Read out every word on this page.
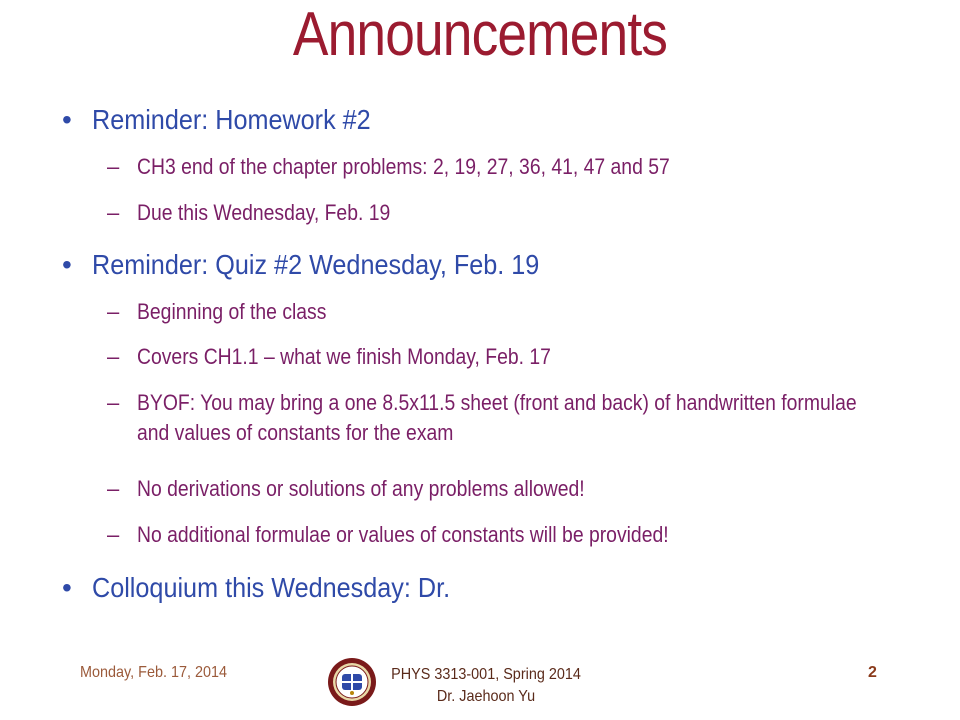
Announcements
• Reminder: Homework #2
– CH3 end of the chapter problems: 2, 19, 27, 36, 41, 47 and 57
– Due this Wednesday, Feb. 19
• Reminder: Quiz #2 Wednesday, Feb. 19
– Beginning of the class
– Covers CH1.1 – what we finish Monday, Feb. 17
– BYOF: You may bring a one 8.5x11.5 sheet (front and back) of handwritten formulae and values of constants for the exam
– No derivations or solutions of any problems allowed!
– No additional formulae or values of constants will be provided!
• Colloquium this Wednesday: Dr.
Monday, Feb. 17, 2014	PHYS 3313-001, Spring 2014
Dr. Jaehoon Yu
2
